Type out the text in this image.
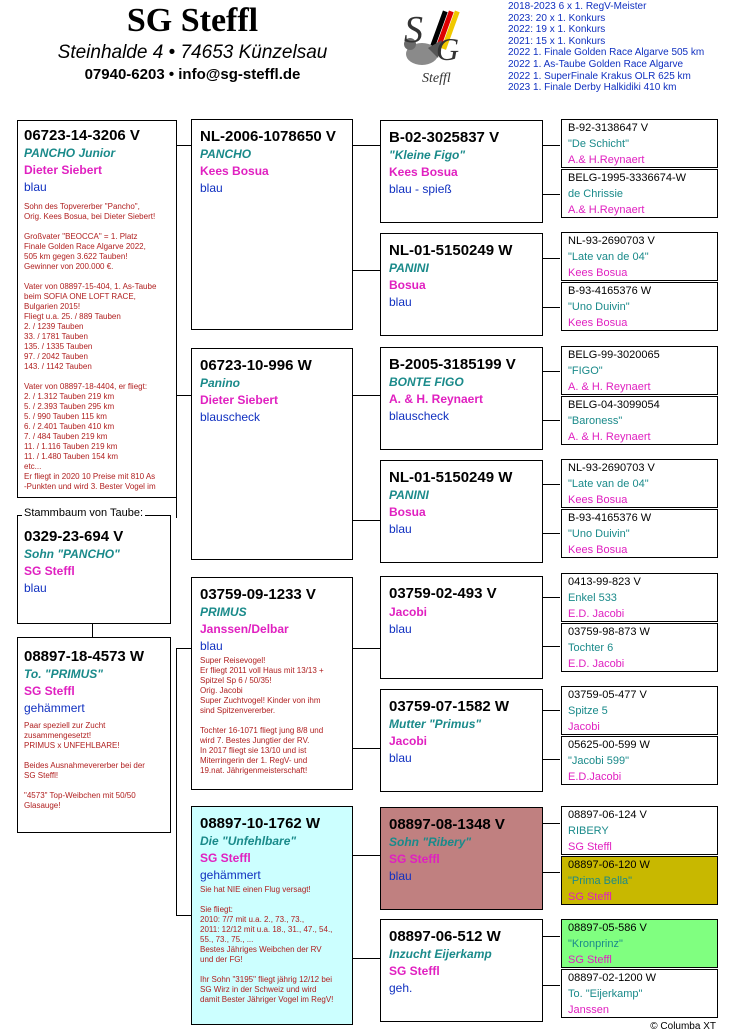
SG Steffl
Steinhalde 4 • 74653 Künzelsau
07940-6203 • info@sg-steffl.de
S G
Steffl
2018-2023 6 x 1. RegV-Meister
2023: 20 x 1. Konkurs
2022: 19 x 1. Konkurs
2021: 15 x 1. Konkurs
2022 1. Finale Golden Race Algarve 505 km
2022 1. As-Taube Golden Race Algarve
2022 1. SuperFinale Krakus OLR 625 km
2023 1. Finale Derby Halkidiki 410 km
06723-14-3206 V
PANCHO Junior
Dieter Siebert
blau
Sohn des Topvererber "Pancho",
Orig. Kees Bosua, bei Dieter Siebert!

Großvater "BEOCCA" = 1. Platz
Finale Golden Race Algarve 2022,
505 km gegen 3.622 Tauben!
Gewinner von 200.000 €.

Vater von 08897-15-404, 1. As-Taube
beim SOFIA ONE LOFT RACE,
Bulgarien 2015!
Fliegt u.a. 25. / 889 Tauben
2. / 1239 Tauben
33. / 1781 Tauben
135. / 1335 Tauben
97. / 2042 Tauben
143. / 1142 Tauben

Vater von 08897-18-4404, er fliegt:
2. / 1.312 Tauben 219 km
5. / 2.393 Tauben 295 km
5. / 990 Tauben 115 km
6. / 2.401 Tauben 410 km
7. / 484 Tauben 219 km
11. / 1.116 Tauben 219 km
11. / 1.480 Tauben 154 km
etc...
Er fliegt in 2020 10 Preise mit 810 As
-Punkten und wird 3. Bester Vogel im
0329-23-694 V
Sohn "PANCHO"
SG Steffl
blau
Stammbaum von Taube:
08897-18-4573 W
To. "PRIMUS"
SG Steffl
gehämmert
Paar speziell zur Zucht
zusammengesetzt!
PRIMUS x UNFEHLBARE!

Beides Ausnahmevererber bei der
SG Steffl!

"4573" Top-Weibchen mit 50/50
Glasauge!
NL-2006-1078650 V
PANCHO
Kees Bosua
blau
06723-10-996 W
Panino
Dieter Siebert
blauscheck
03759-09-1233 V
PRIMUS
Janssen/Delbar
blau
Super Reisevogel!
Er fliegt 2011 voll Haus mit 13/13 +
Spitzel Sp 6 / 50/35!
Orig. Jacobi
Super Zuchtvogel! Kinder von ihm
sind Spitzenvererber.

Tochter 16-1071 fliegt jung 8/8 und
wird 7. Bestes Jungtier der RV.
In 2017 fliegt sie 13/10 und ist
Miterringerin der 1. RegV- und
19.nat. Jährigenmeisterschaft!
08897-10-1762 W
Die "Unfehlbare"
SG Steffl
gehämmert
Sie hat NIE einen Flug versagt!

Sie fliegt:
2010: 7/7 mit u.a. 2., 73., 73.,
2011: 12/12 mit u.a. 18., 31., 47., 54.,
55., 73., 75., ...
Bestes Jähriges Weibchen der RV
und der FG!

Ihr Sohn "3195" fliegt jährig 12/12 bei
SG Wirz in der Schweiz und wird
damit Bester Jähriger Vogel im RegV!
B-02-3025837 V
"Kleine Figo"
Kees Bosua
blau - spieß
NL-01-5150249 W
PANINI
Bosua
blau
B-2005-3185199 V
BONTE FIGO
A. & H. Reynaert
blauscheck
NL-01-5150249 W
PANINI
Bosua
blau
03759-02-493 V
Jacobi
blau
03759-07-1582 W
Mutter "Primus"
Jacobi
blau
08897-08-1348 V
Sohn "Ribery"
SG Steffl
blau
08897-06-512 W
Inzucht Eijerkamp
SG Steffl
geh.
B-92-3138647 V
"De Schicht"
A.& H.Reynaert
BELG-1995-3336674-W
de Chrissie
A.& H.Reynaert
NL-93-2690703 V
"Late van de 04"
Kees Bosua
B-93-4165376 W
"Uno Duivin"
Kees Bosua
BELG-99-3020065
"FIGO"
A. & H. Reynaert
BELG-04-3099054
"Baroness"
A. & H. Reynaert
NL-93-2690703 V
"Late van de 04"
Kees Bosua
B-93-4165376 W
"Uno Duivin"
Kees Bosua
0413-99-823 V
Enkel 533
E.D. Jacobi
03759-98-873 W
Tochter 6
E.D. Jacobi
03759-05-477 V
Spitze 5
Jacobi
05625-00-599 W
"Jacobi 599"
E.D.Jacobi
08897-06-124 V
RIBERY
SG Steffl
08897-06-120 W
"Prima Bella"
SG Steffl
08897-05-586 V
"Kronprinz"
SG Steffl
08897-02-1200 W
To. "Eijerkamp"
Janssen
© Columba XT
